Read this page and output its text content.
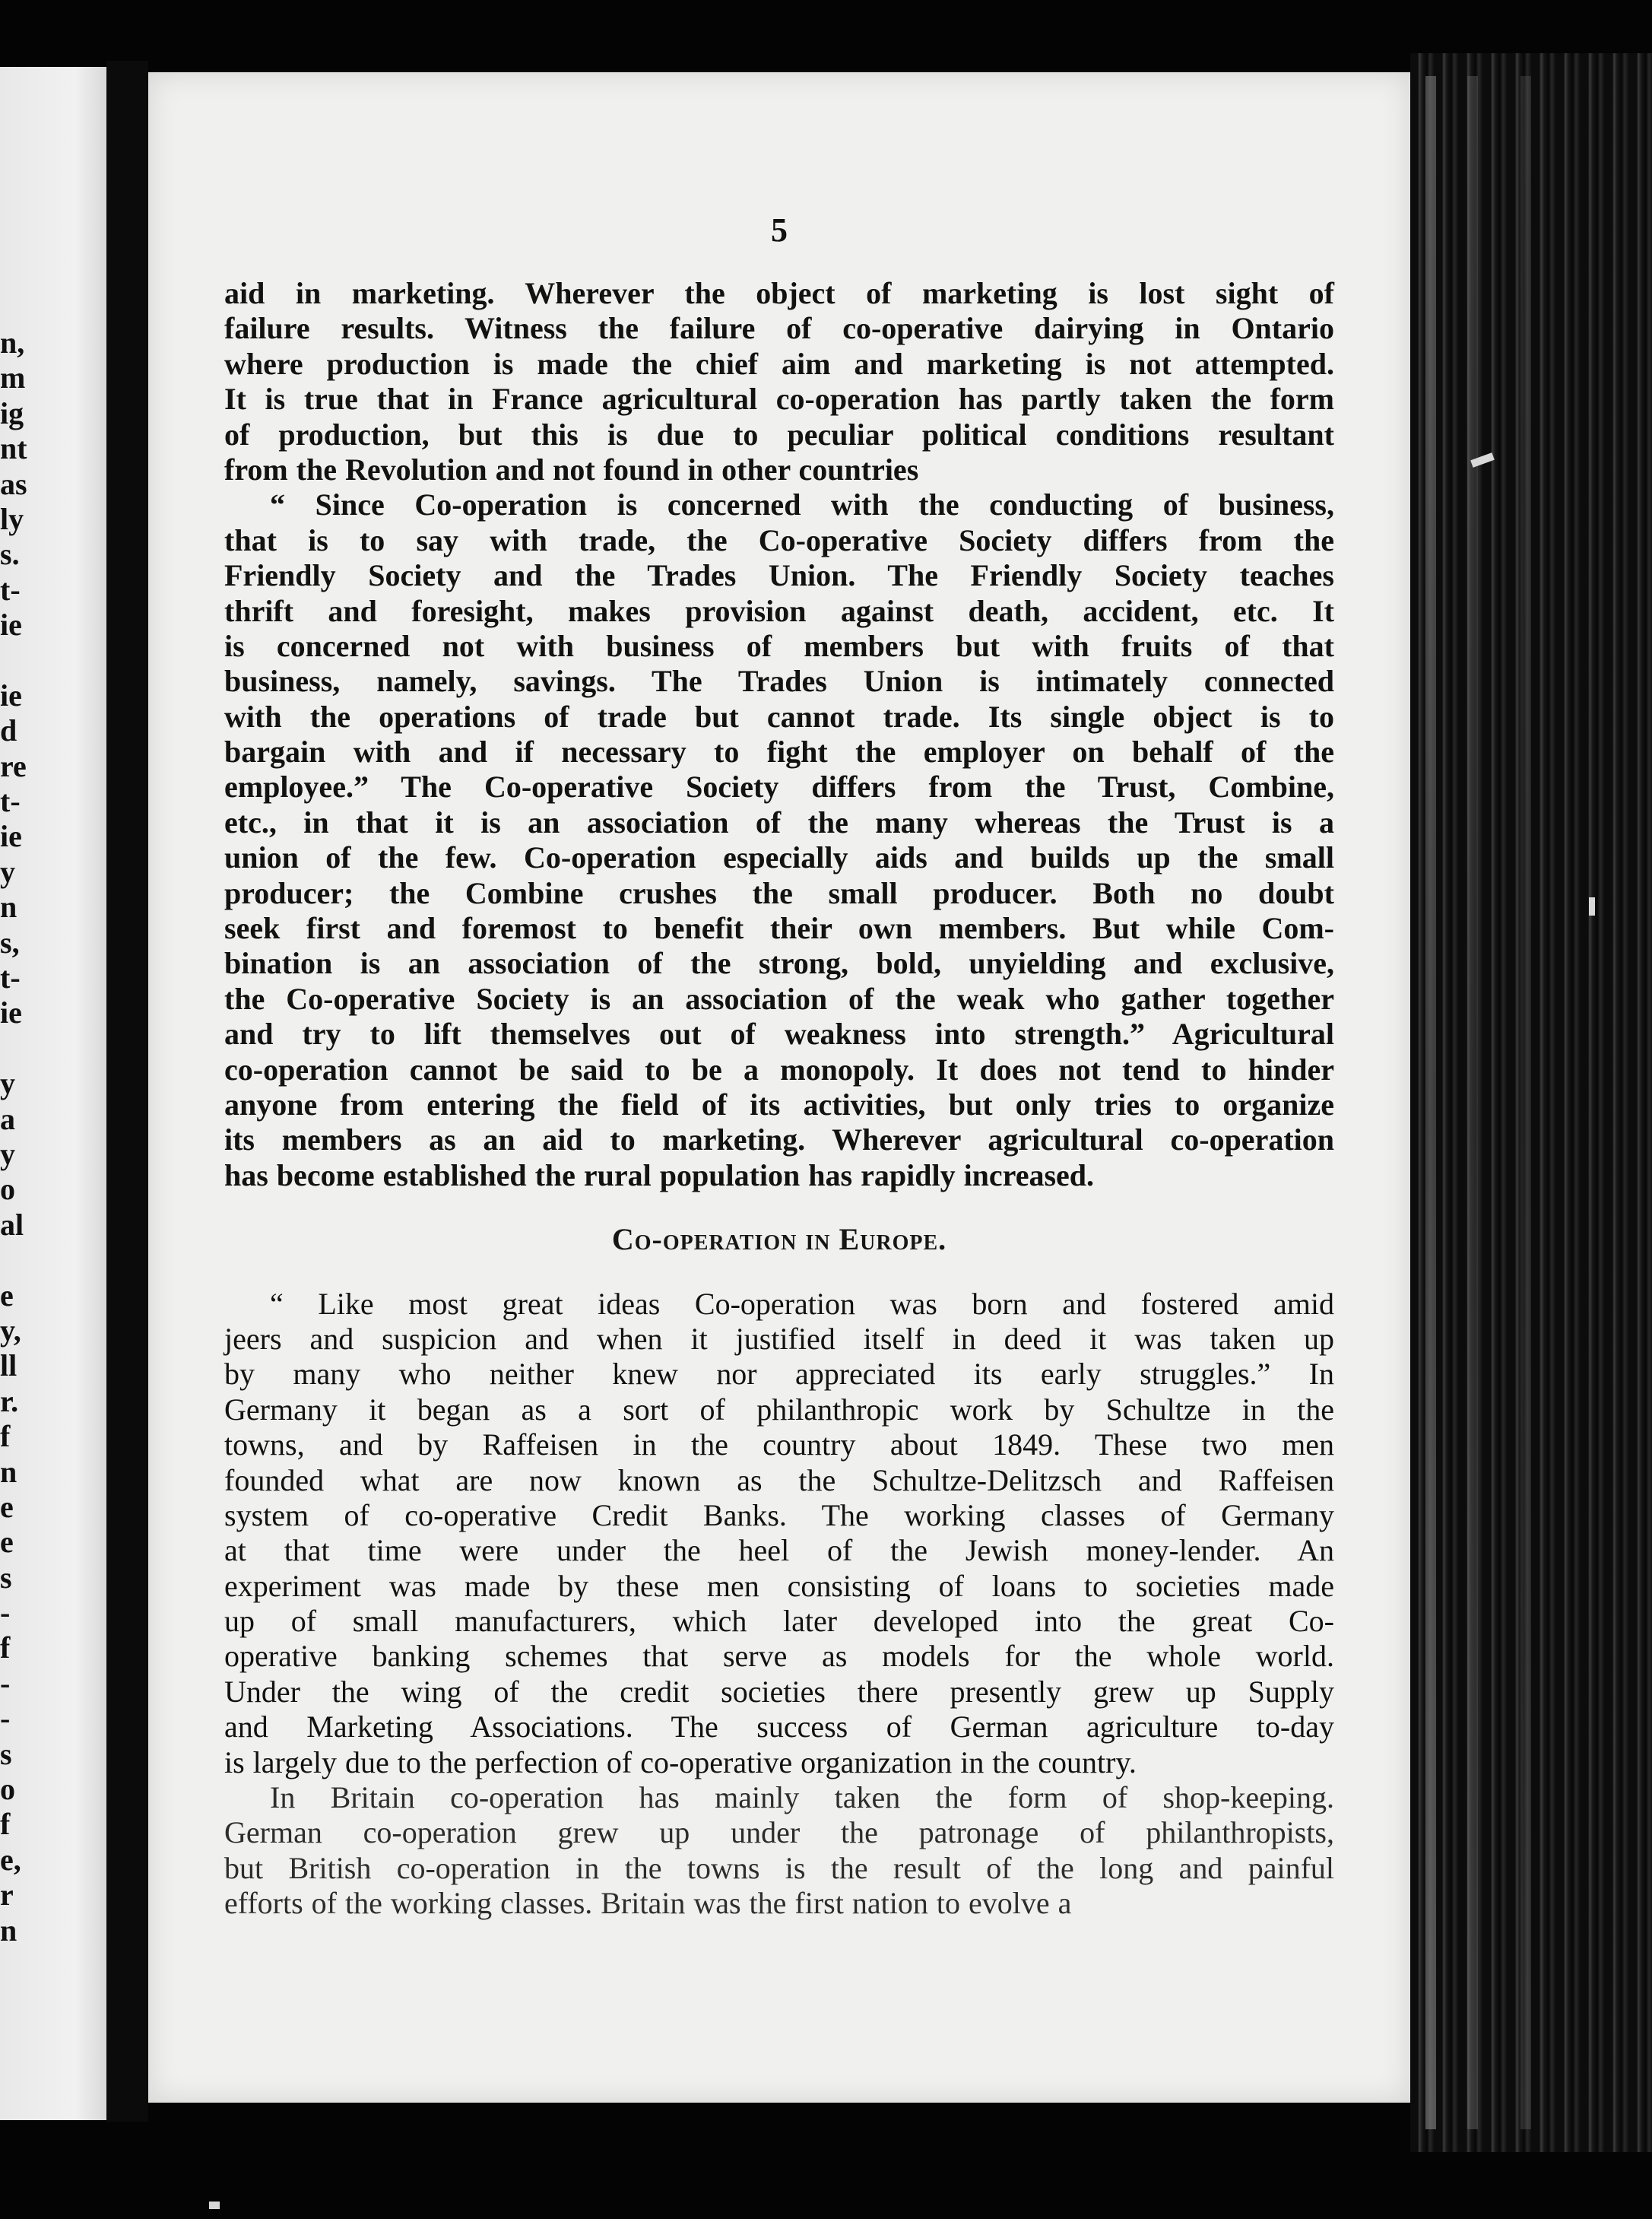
n,
m
ig
nt
as
ly
s.
t-
ie
ie
d
re
t-
ie
y
n
s,
t-
ie
y
a
y
o
al
e
y,
ll
r.
f
n
e
e
s
-
f
-
-
s
o
f
e,
r
n
5
aid in marketing. Wherever the object of marketing is lost sight of
failure results. Witness the failure of co-operative dairying in Ontario
where production is made the chief aim and marketing is not attempted.
It is true that in France agricultural co-operation has partly taken the form
of production, but this is due to peculiar political conditions resultant
from the Revolution and not found in other countries
“ Since Co-operation is concerned with the conducting of business,
that is to say with trade, the Co-operative Society differs from the
Friendly Society and the Trades Union. The Friendly Society teaches
thrift and foresight, makes provision against death, accident, etc. It
is concerned not with business of members but with fruits of that
business, namely, savings. The Trades Union is intimately connected
with the operations of trade but cannot trade. Its single object is to
bargain with and if necessary to fight the employer on behalf of the
employee.” The Co-operative Society differs from the Trust, Combine,
etc., in that it is an association of the many whereas the Trust is a
union of the few. Co-operation especially aids and builds up the small
producer; the Combine crushes the small producer. Both no doubt
seek first and foremost to benefit their own members. But while Com-
bination is an association of the strong, bold, unyielding and exclusive,
the Co-operative Society is an association of the weak who gather together
and try to lift themselves out of weakness into strength.” Agricultural
co-operation cannot be said to be a monopoly. It does not tend to hinder
anyone from entering the field of its activities, but only tries to organize
its members as an aid to marketing. Wherever agricultural co-operation
has become established the rural population has rapidly increased.
Co-operation in Europe.
“ Like most great ideas Co-operation was born and fostered amid
jeers and suspicion and when it justified itself in deed it was taken up
by many who neither knew nor appreciated its early struggles.” In
Germany it began as a sort of philanthropic work by Schultze in the
towns, and by Raffeisen in the country about 1849. These two men
founded what are now known as the Schultze-Delitzsch and Raffeisen
system of co-operative Credit Banks. The working classes of Germany
at that time were under the heel of the Jewish money-lender. An
experiment was made by these men consisting of loans to societies made
up of small manufacturers, which later developed into the great Co-
operative banking schemes that serve as models for the whole world.
Under the wing of the credit societies there presently grew up Supply
and Marketing Associations. The success of German agriculture to-day
is largely due to the perfection of co-operative organization in the country.
In Britain co-operation has mainly taken the form of shop-keeping.
German co-operation grew up under the patronage of philanthropists,
but British co-operation in the towns is the result of the long and painful
efforts of the working classes. Britain was the first nation to evolve a
